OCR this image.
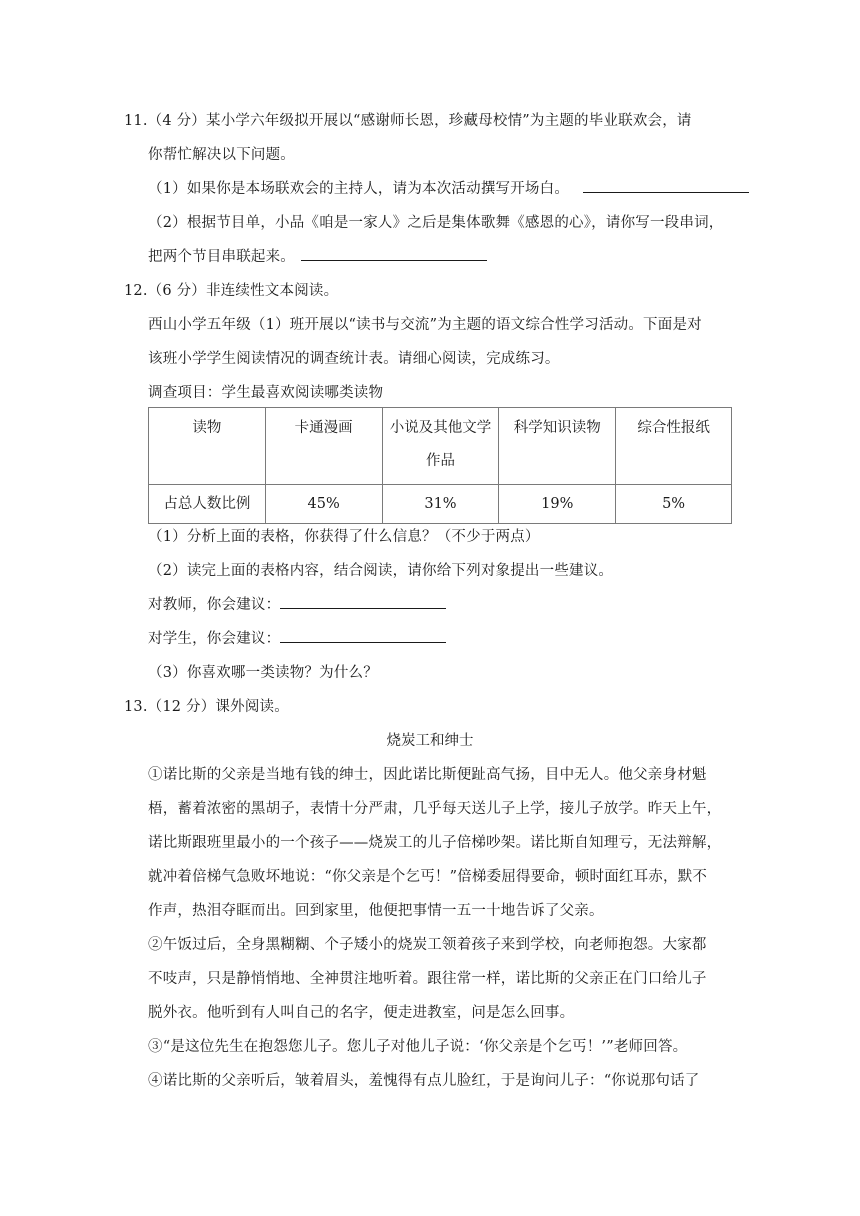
11.（4 分）某小学六年级拟开展以“感谢师长恩，珍藏母校情”为主题的毕业联欢会，请
你帮忙解决以下问题。
（1）如果你是本场联欢会的主持人，请为本次活动撰写开场白。
（2）根据节目单，小品《咱是一家人》之后是集体歌舞《感恩的心》，请你写一段串词，
把两个节目串联起来。
12.（6 分）非连续性文本阅读。
西山小学五年级（1）班开展以“读书与交流”为主题的语文综合性学习活动。下面是对
该班小学学生阅读情况的调查统计表。请细心阅读，完成练习。
调查项目：学生最喜欢阅读哪类读物
读物	卡通漫画	小说及其他文学作品	科学知识读物	综合性报纸
占总人数比例	45%	31%	19%	5%
（1）分析上面的表格，你获得了什么信息？（不少于两点）
（2）读完上面的表格内容，结合阅读，请你给下列对象提出一些建议。
对教师，你会建议：
对学生，你会建议：
（3）你喜欢哪一类读物？为什么？
13.（12 分）课外阅读。
烧炭工和绅士
①诺比斯的父亲是当地有钱的绅士，因此诺比斯便趾高气扬，目中无人。他父亲身材魁
梧，蓄着浓密的黑胡子，表情十分严肃，几乎每天送儿子上学，接儿子放学。昨天上午，
诺比斯跟班里最小的一个孩子——烧炭工的儿子倍梯吵架。诺比斯自知理亏，无法辩解，
就冲着倍梯气急败坏地说：“你父亲是个乞丐！”倍梯委屈得要命，顿时面红耳赤，默不
作声，热泪夺眶而出。回到家里，他便把事情一五一十地告诉了父亲。
②午饭过后，全身黑糊糊、个子矮小的烧炭工领着孩子来到学校，向老师抱怨。大家都
不吱声，只是静悄悄地、全神贯注地听着。跟往常一样，诺比斯的父亲正在门口给儿子
脱外衣。他听到有人叫自己的名字，便走进教室，问是怎么回事。
③“是这位先生在抱怨您儿子。您儿子对他儿子说：‘你父亲是个乞丐！’”老师回答。
④诺比斯的父亲听后，皱着眉头，羞愧得有点儿脸红，于是询问儿子：“你说那句话了
